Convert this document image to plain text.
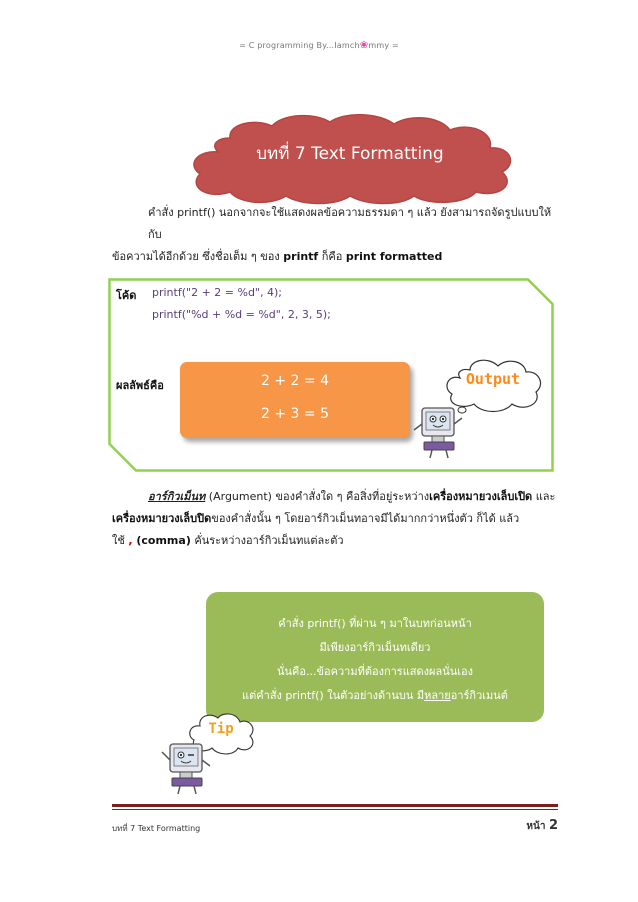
= C programming By...Iamch❀mmy =
บทที่ 7 Text Formatting
คำสั่ง printf() นอกจากจะใช้แสดงผลข้อความธรรมดา ๆ แล้ว ยังสามารถจัดรูปแบบให้กับ
ข้อความได้อีกด้วย ซึ่งชื่อเต็ม ๆ ของ printf ก็คือ print formatted
โค้ด printf("2 + 2 = %d", 4);
printf("%d + %d = %d", 2, 3, 5);
ผลลัพธ์คือ	2 + 2 = 4
2 + 3 = 5
Output
อาร์กิวเม็นท (Argument) ของคำสั่งใด ๆ คือสิ่งที่อยู่ระหว่างเครื่องหมายวงเล็บเปิด และ
เครื่องหมายวงเล็บปิดของคำสั่งนั้น ๆ โดยอาร์กิวเม็นทอาจมีได้มากกว่าหนึ่งตัว ก็ได้ แล้ว
ใช้ , (comma) คั่นระหว่างอาร์กิวเม็นทแต่ละตัว
คำสั่ง printf() ที่ผ่าน ๆ มาในบทก่อนหน้า
มีเพียงอาร์กิวเม็นทเดียว
นั่นคือ...ข้อความที่ต้องการแสดงผลนั่นเอง
แต่คำสั่ง printf() ในตัวอย่างด้านบน มีหลายอาร์กิวเมนต์
Tip
บทที่ 7 Text Formatting	หน้า 2
